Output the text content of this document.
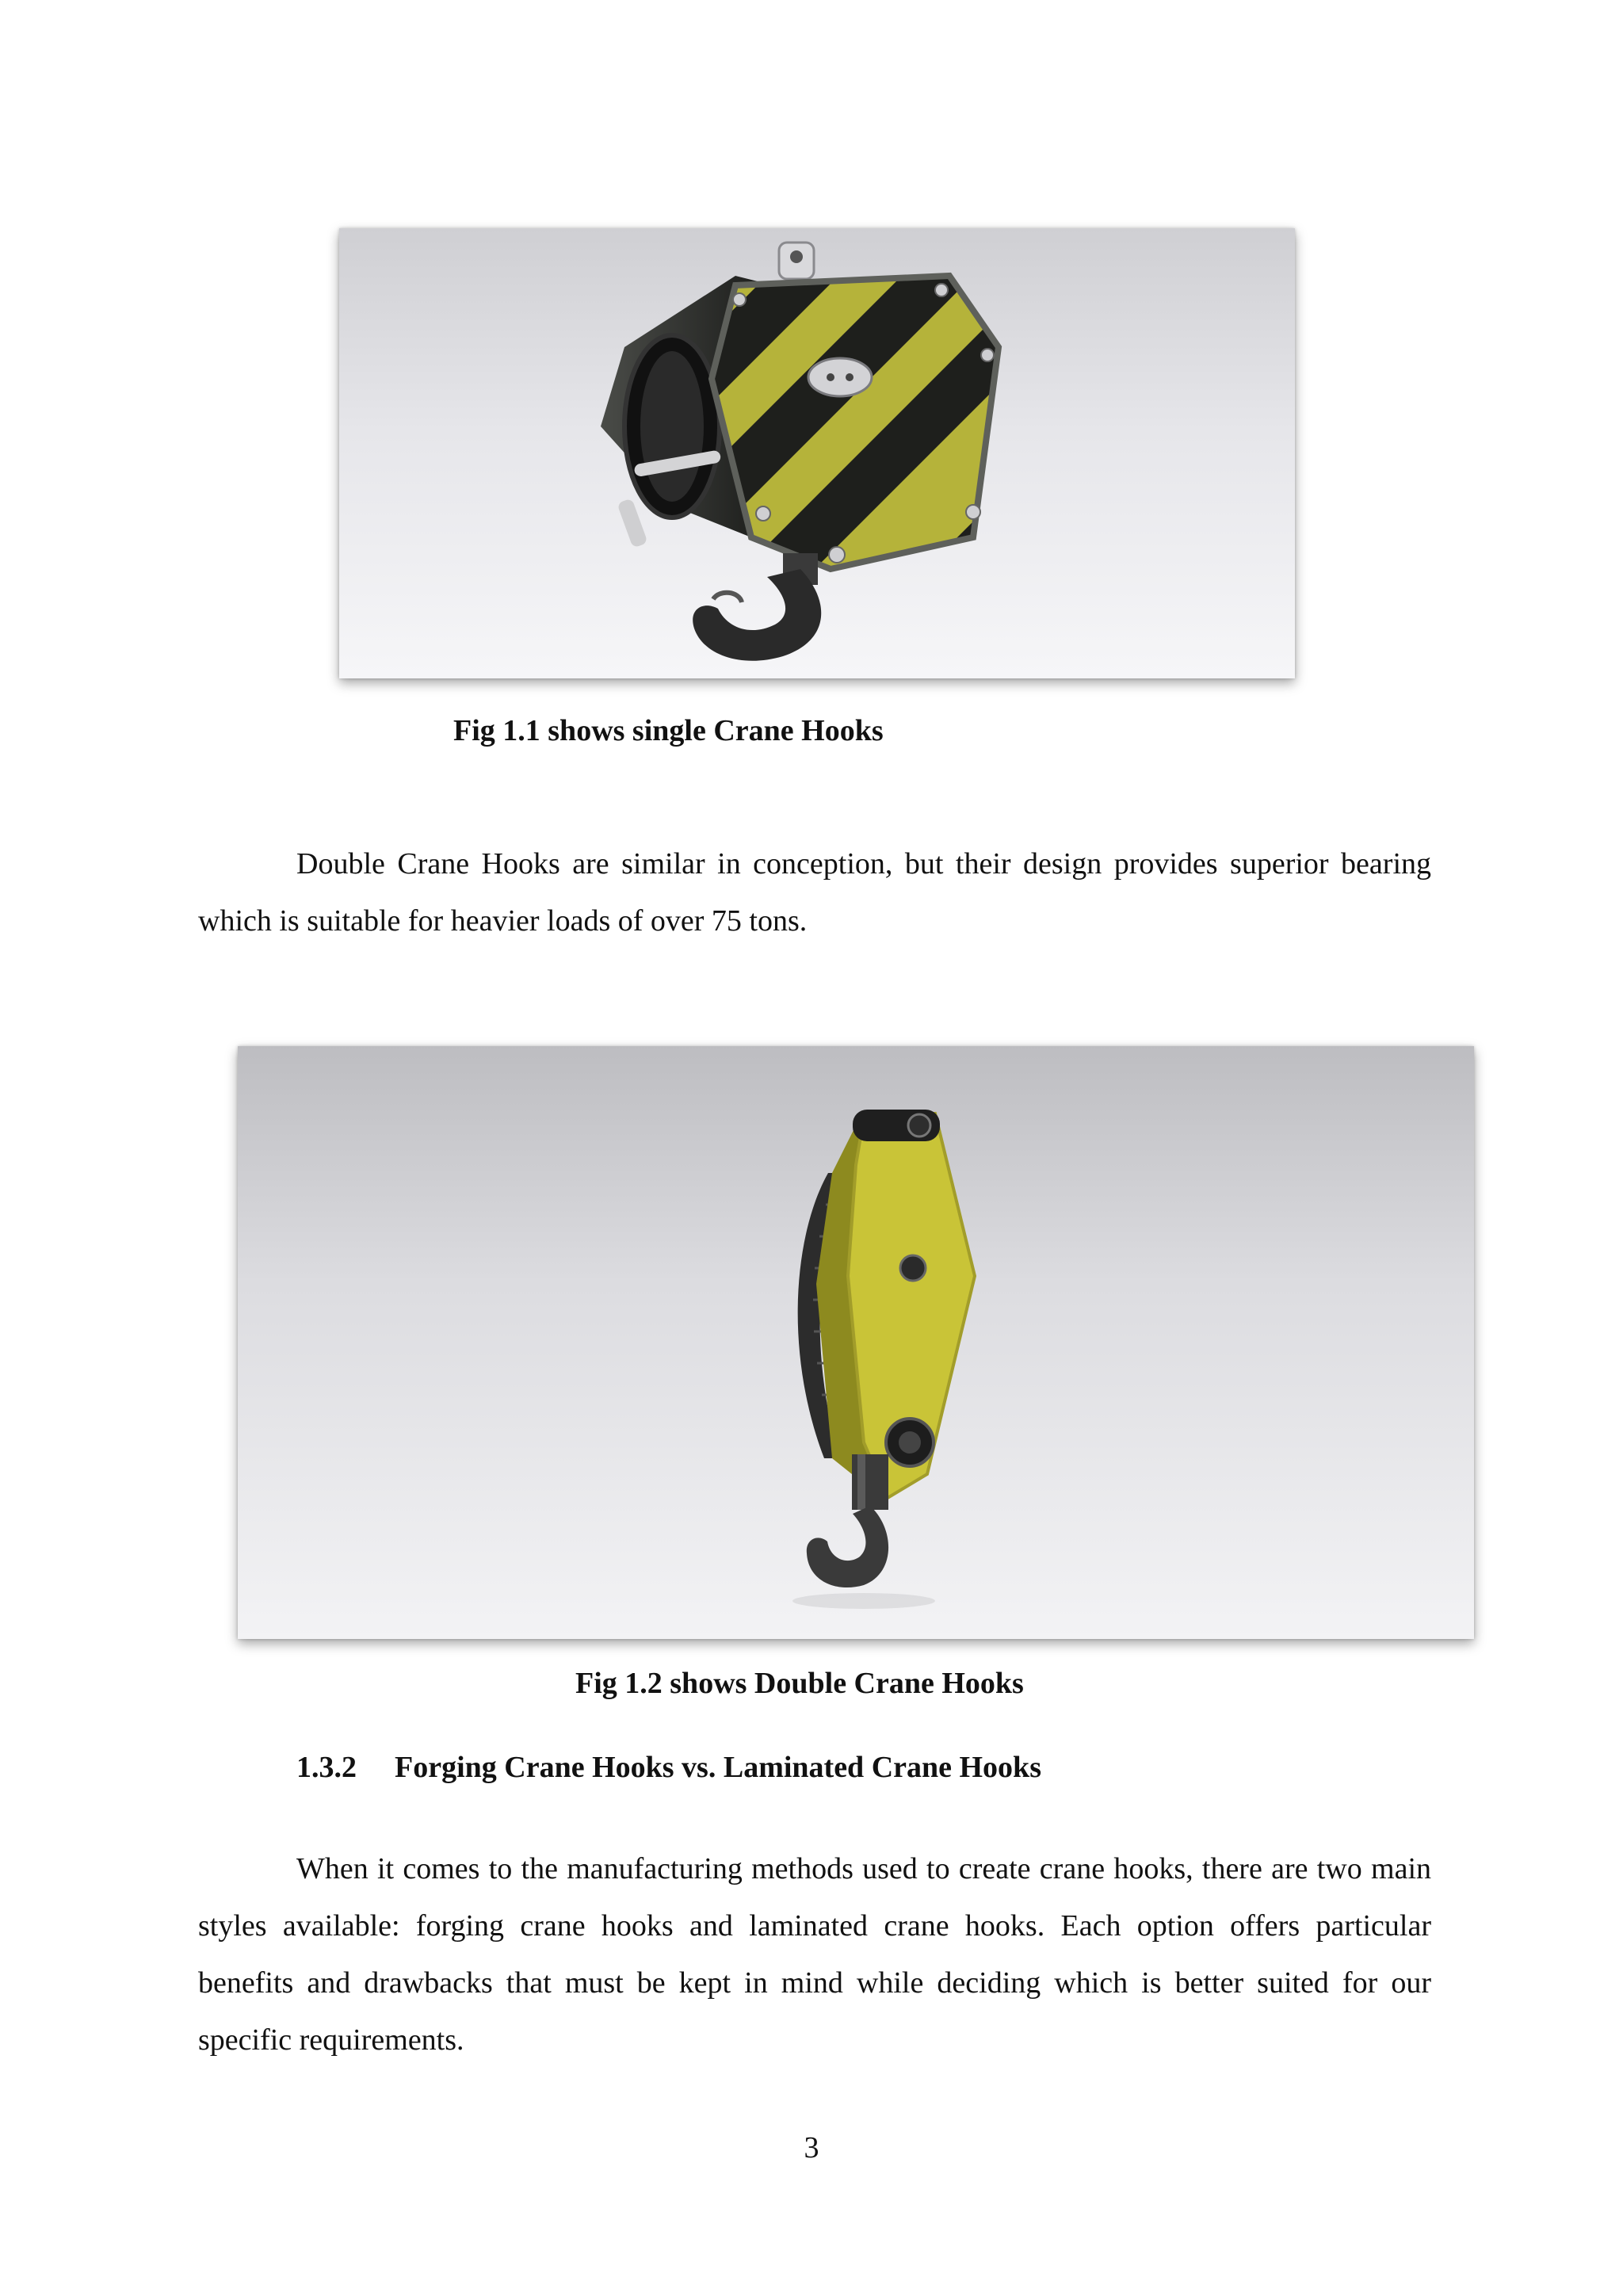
Fig 1.1 shows single Crane Hooks

Double Crane Hooks are similar in conception, but their design provides superior bearing which is suitable for heavier loads of over 75 tons.

Fig 1.2 shows Double Crane Hooks
1.3.2 Forging Crane Hooks vs. Laminated Crane Hooks

When it comes to the manufacturing methods used to create crane hooks, there are two main styles available: forging crane hooks and laminated crane hooks. Each option offers particular benefits and drawbacks that must be kept in mind while deciding which is better suited for our specific requirements.

3
